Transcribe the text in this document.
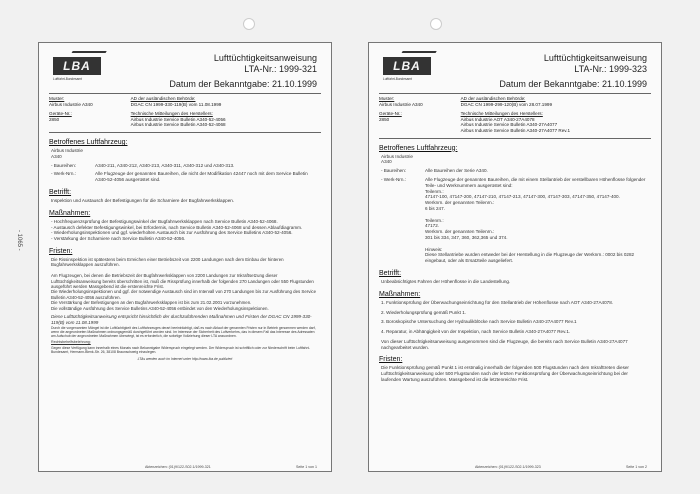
- 1065 -
LBA
Luftfahrt-Bundesamt
Lufttüchtigkeitsanweisung
LTA-Nr.: 1999-321
Datum der Bekanntgabe: 21.10.1999
Muster:
Airbus Industrie A340
Geräte-Nr.:
2850
AD der ausländischen Behörde:
DGAC CN 1999-330-119(B) vom 11.08.1999
Technische Mitteilungen des Herstellers:
Airbus Industrie Service Bulletin A340-52-4056
Airbus Industrie Service Bulletin A340-52-4068
Betroffenes Luftfahrzeug:
Airbus Industrie
A340
- Baureihen:	A340-211, A340-212, A340-213, A340-311, A340-312 und A340-313.
- Werk-Nrn.:	Alle Flugzeuge der genannten Baureihen, die nicht der Modifikation 42447 noch mit dem Service Bulletin A340-52-4056 ausgerüstet sind.
Betrifft:
Inspektion und Austausch der Befestigungen für die Scharniere der Bugfahrwerksklappen.
Maßnahmen:
- Hochfrequenzsprüfung der Befestigungswinkel der Bugfahrwerksklappen nach Service Bulletin A340-52-4068.
- Austausch defekter Befestigungswinkel, bei Erfordernis, nach Service Bulletin A340-52-4068 und dessen Ablaufdiagramm.
- Wiederholungsinspektionen und ggf. wiederholten Austausch bis zur Ausführung des Service Bulletins A340-52-4056.
- Verstärkung der Scharniere nach Service Bulletin A340-52-4056.
Fristen:
Die Rissinspektion ist spätestens beim Erreichen einer Betriebszeit von 2200 Landungen nach dem Einbau der hinteren Bugfahrwerksklappen auszuführen.

Am Flugzeugen, bei denen die Betriebszeit der Bugfahrwerksklappen von 2200 Landungen zur Inkraftsetzung dieser Lufttüchtigkeitsanweisung bereits überschritten ist, muß die Rissprüfung innerhalb der folgenden 270 Landungen oder 550 Flugstunden ausgeführt werden Massgebend ist die erstenreichte Frist.
Die Wiederholungsinspektionen und ggf. der notwendige Austausch sind im Intervall von 270 Landungen bis zur Ausführung des Service Bulletin A340-52-4056 auszuführen.
Die Verstärkung der Befestigungen an den Bugfahrwerksklappen ist bis zum 21.02.2001 vorzunehmen.
Die vollständige Ausführung des Service Bulletins A340-52-4056 entbindet von den Wiederholungsinspektionen.
Diese Lufttüchtigkeitsanweisung entspricht hinsichtlich der durchzuführenden Maßnahmen und Fristen der DGAC CN 1999-330-119(B) vom 11.08.1999
Durch die vorgenannten Mängel ist die Lufttüchtigkeit des Luftfahrzeuges derart beeinträchtigt, daß es nach Ablauf der genannten Fristen nur in Betrieb genommen werden darf, wenn die angeordneten Maßnahmen ordnungsgemäß durchgeführt worden sind. Im Interesse der Sicherheit des Luftverkehrs, das in diesem Fall das Interesse des Adressaten am Aufschub der angeordneten Maßnahmen überwiegt, ist es erforderlich, die sofortige Vollziehung dieser LTA anzuordnen.
Rechtsbehelfsbelehrung:
Gegen diese Verfügung kann innerhalb eines Monats nach Bekanntgabe Widerspruch eingelegt werden. Der Widerspruch ist schriftlich oder zur Niederschrift beim Luftfahrt-Bundesamt, Hermann-Blenk-Str. 26, 38108 Braunschweig einzulegen.
LTAs werden auch im Internet unter http://www.lba.de publiziert
Aktenzeichen: (01)9/122-S02.1/1999-321	Seite 1 von 1
LBA
Luftfahrt-Bundesamt
Lufttüchtigkeitsanweisung
LTA-Nr.: 1999-323
Datum der Bekanntgabe: 21.10.1999
Muster:
Airbus Industrie A340
Geräte-Nr.:
2850
AD der ausländischen Behörde:
DGAC CN 1999-299-120(B) vom 28.07.1999
Technische Mitteilungen des Herstellers:
Airbus Industrie AOT A340-27A4078
Airbus Industrie Service Bulletin A340-27A4077
Airbus Industrie Service Bulletin A340-27A4077 Rev.1
Betroffenes Luftfahrzeug:
Airbus Industrie
A340
- Baureihen:	Alle Baureihen der Serie A340.
- Werk-Nrn.:	Alle Flugzeuge der genannten Baureihen, die mit einem Stellantrieb der verstellbaren Höhenflosse folgender Teile- und Werknummern ausgerüstet sind:
Teilenrn.:
47147-100, 47147-200, 47147-210, 47147-213, 47147-300, 47147-303, 47147-350, 47147-400.
Werknrn. der genannten Teilenrn.:
6 bis 247.

Teilenrn.:
47172.
Werknrn. der genannten Teilenrn.:
301 bis 334, 347, 360, 362,365 und 374.

Hinweis:
Diese Stellantriebe wurden entweder bei der Herstellung in die Flugzeuge der Werknrn.: 0002 bis 0282 eingebaut, oder als Ersatzteile ausgeliefert.
Betrifft:
Unbeabsichtigtes Fahren der Höhenflosse in die Landestellung.
Maßnahmen:
1. Funktionsprüfung der Überwachungseinrichtung für den Stellantrieb der Höhenflosse nach AOT A340-27A4078.
2. Wiederholungsprüfung gemäß Punkt 1.
3. Boroskopische Untersuchung der Hydraulikblöcke nach Service Bulletin A340-27A4077 Rev.1
4. Reparatur, in Abhängigkeit von der Inspektion, nach Service Bulletin A340-27A4077 Rev.1.
Von dieser Lufttüchtigkeitsanweisung ausgenommen sind die Flugzeuge, die bereits nach Service Bulletin A340-27A4077 nachgearbeitet wurden.
Fristen:
Die Funktionsprüfung gemäß Punkt 1 ist erstmalig innerhalb der folgenden 500 Flugstunden nach dem Inkrafttreten dieser Lufttüchtigkeitsanweisung oder 500 Flugstunden nach der letzten Funktionsprüfung der Überwachungseinrichtung bei der laufenden Wartung auszuführen. Massgebend ist die letztenreichte Frist.
Aktenzeichen: (01)9/122-S02.1/1999-323	Seite 1 von 2
